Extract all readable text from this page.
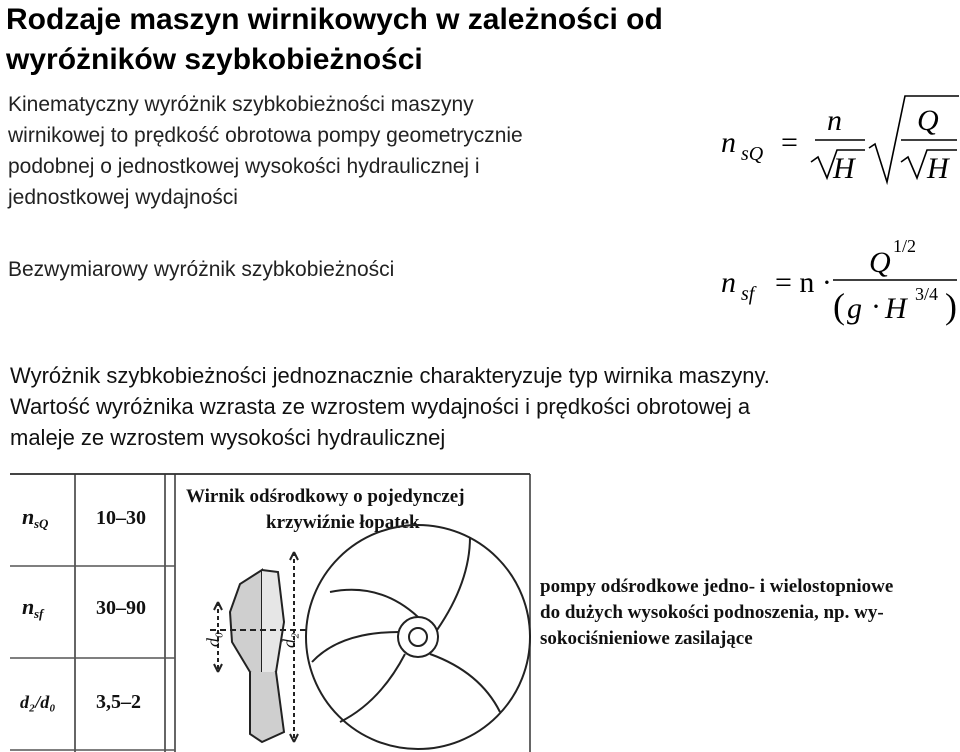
Rodzaje maszyn wirnikowych w zależności od
wyróżników szybkobieżności
Kinematyczny wyróżnik szybkobieżności maszyny
wirnikowej to prędkość obrotowa pompy geometrycznie
podobnej o jednostkowej wysokości hydraulicznej i
jednostkowej wydajności
Bezwymiarowy wyróżnik szybkobieżności
n sQ =
n
H
Q
H
n sf = n ·
Q 1/2
( g · H 3/4 )
Wyróżnik szybkobieżności jednoznacznie charakteryzuje typ wirnika maszyny.
Wartość wyróżnika wzrasta ze wzrostem wydajności i prędkości obrotowej a
maleje ze wzrostem wysokości hydraulicznej
n sQ 10–30
n sf	30–90
d₂/d₀ 3,5–2
Wirnik odśrodkowy o pojedynczej
krzywiźnie łopatek
d₀	d₂
pompy odśrodkowe jedno- i wielostopniowe
do dużych wysokości podnoszenia, np. wy-
sokociśnieniowe zasilające
